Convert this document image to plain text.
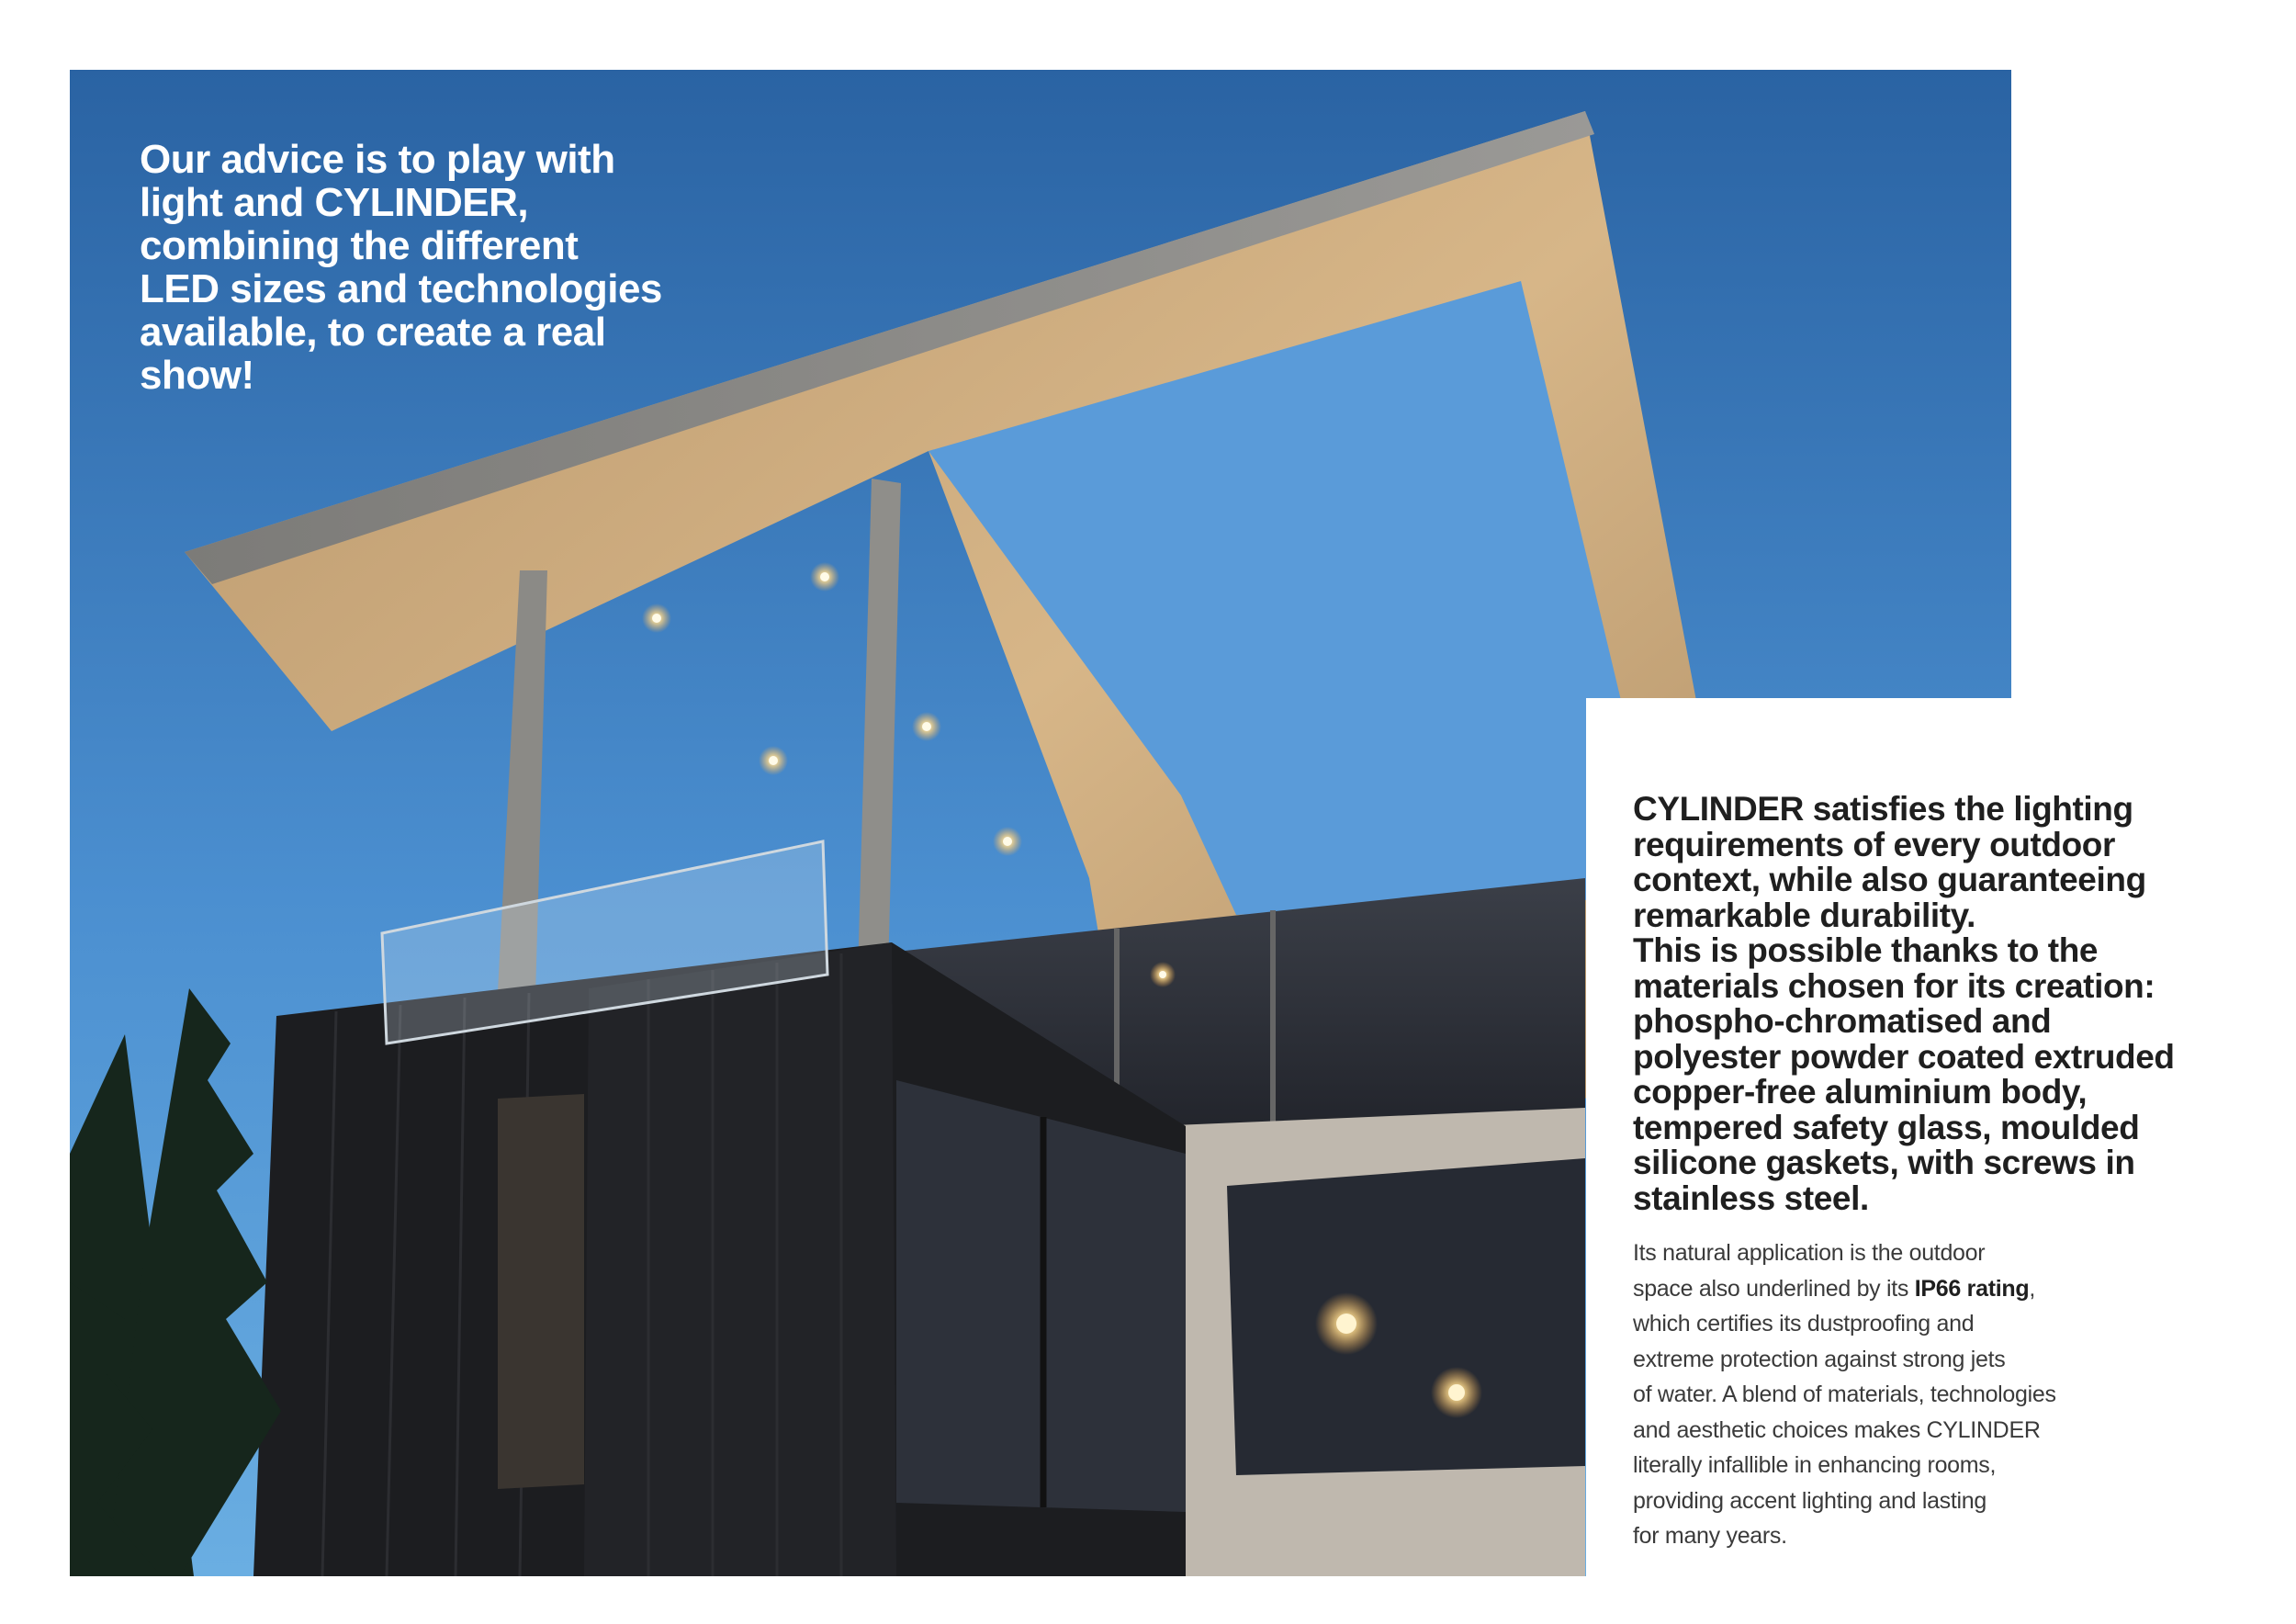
Our advice is to play with
light and CYLINDER,
combining the different
LED sizes and technologies
available, to create a real
show!

CYLINDER satisfies the lighting
requirements of every outdoor
context, while also guaranteeing
remarkable durability.
This is possible thanks to the
materials chosen for its creation:
phospho-chromatised and
polyester powder coated extruded
copper-free aluminium body,
tempered safety glass, moulded
silicone gaskets, with screws in
stainless steel.

Its natural application is the outdoor
space also underlined by its IP66 rating,
which certifies its dustproofing and
extreme protection against strong jets
of water. A blend of materials, technologies
and aesthetic choices makes CYLINDER
literally infallible in enhancing rooms,
providing accent lighting and lasting
for many years.
